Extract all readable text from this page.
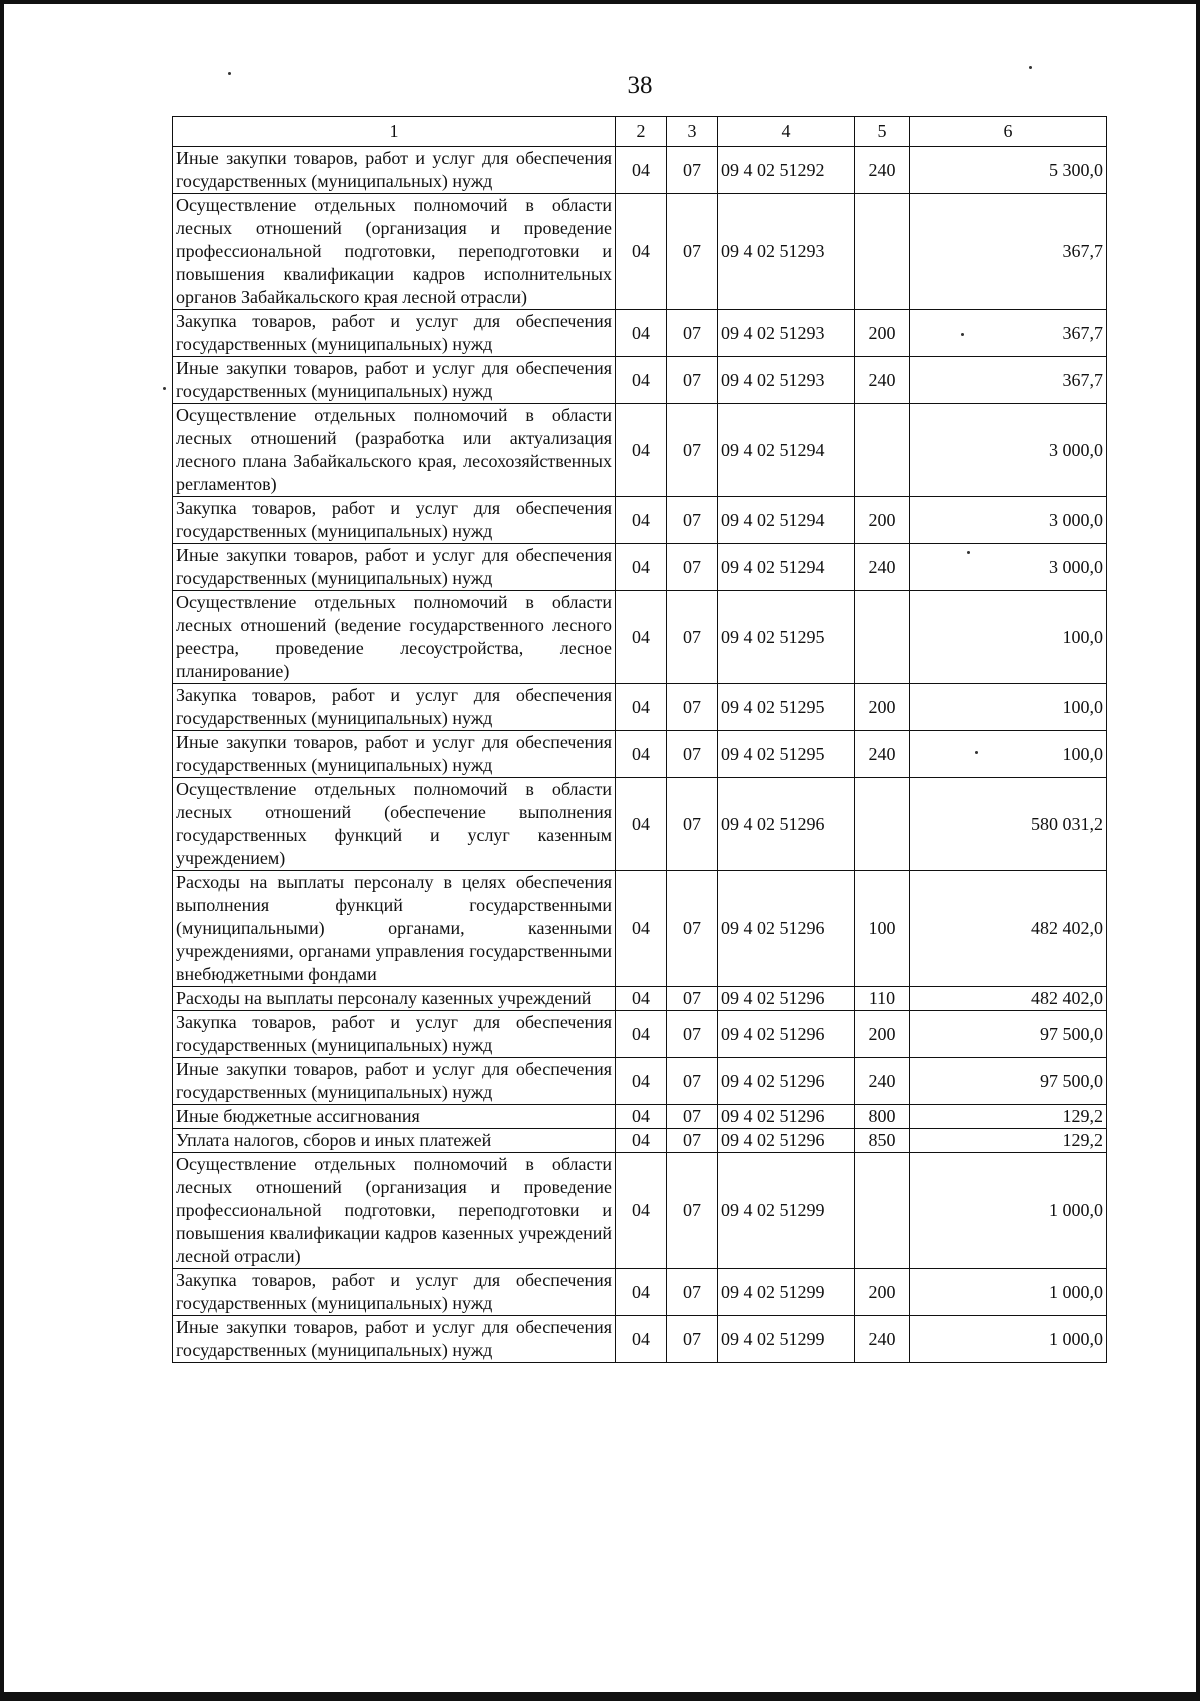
38
1	2	3	4	5	6
Иные закупки товаров, работ и услуг для обеспечения государственных (муниципальных) нужд	04	07	09 4 02 51292	240	5 300,0
Осуществление отдельных полномочий в области лесных отношений (организация и проведение профессиональной подготовки, переподготовки и повышения квалификации кадров исполнительных органов Забайкальского края лесной отрасли)	04	07	09 4 02 51293		367,7
Закупка товаров, работ и услуг для обеспечения государственных (муниципальных) нужд	04	07	09 4 02 51293	200	367,7
Иные закупки товаров, работ и услуг для обеспечения государственных (муниципальных) нужд	04	07	09 4 02 51293	240	367,7
Осуществление отдельных полномочий в области лесных отношений (разработка или актуализация лесного плана Забайкальского края, лесохозяйственных регламентов)	04	07	09 4 02 51294		3 000,0
Закупка товаров, работ и услуг для обеспечения государственных (муниципальных) нужд	04	07	09 4 02 51294	200	3 000,0
Иные закупки товаров, работ и услуг для обеспечения государственных (муниципальных) нужд	04	07	09 4 02 51294	240	3 000,0
Осуществление отдельных полномочий в области лесных отношений (ведение государственного лесного реестра, проведение лесоустройства, лесное планирование)	04	07	09 4 02 51295		100,0
Закупка товаров, работ и услуг для обеспечения государственных (муниципальных) нужд	04	07	09 4 02 51295	200	100,0
Иные закупки товаров, работ и услуг для обеспечения государственных (муниципальных) нужд	04	07	09 4 02 51295	240	100,0
Осуществление отдельных полномочий в области лесных отношений (обеспечение выполнения государственных функций и услуг казенным учреждением)	04	07	09 4 02 51296		580 031,2
Расходы на выплаты персоналу в целях обеспечения выполнения функций государственными (муниципальными) органами, казенными учреждениями, органами управления государственными внебюджетными фондами	04	07	09 4 02 51296	100	482 402,0
Расходы на выплаты персоналу казенных учреждений	04	07	09 4 02 51296	110	482 402,0
Закупка товаров, работ и услуг для обеспечения государственных (муниципальных) нужд	04	07	09 4 02 51296	200	97 500,0
Иные закупки товаров, работ и услуг для обеспечения государственных (муниципальных) нужд	04	07	09 4 02 51296	240	97 500,0
Иные бюджетные ассигнования	04	07	09 4 02 51296	800	129,2
Уплата налогов, сборов и иных платежей	04	07	09 4 02 51296	850	129,2
Осуществление отдельных полномочий в области лесных отношений (организация и проведение профессиональной подготовки, переподготовки и повышения квалификации кадров казенных учреждений лесной отрасли)	04	07	09 4 02 51299		1 000,0
Закупка товаров, работ и услуг для обеспечения государственных (муниципальных) нужд	04	07	09 4 02 51299	200	1 000,0
Иные закупки товаров, работ и услуг для обеспечения государственных (муниципальных) нужд	04	07	09 4 02 51299	240	1 000,0
